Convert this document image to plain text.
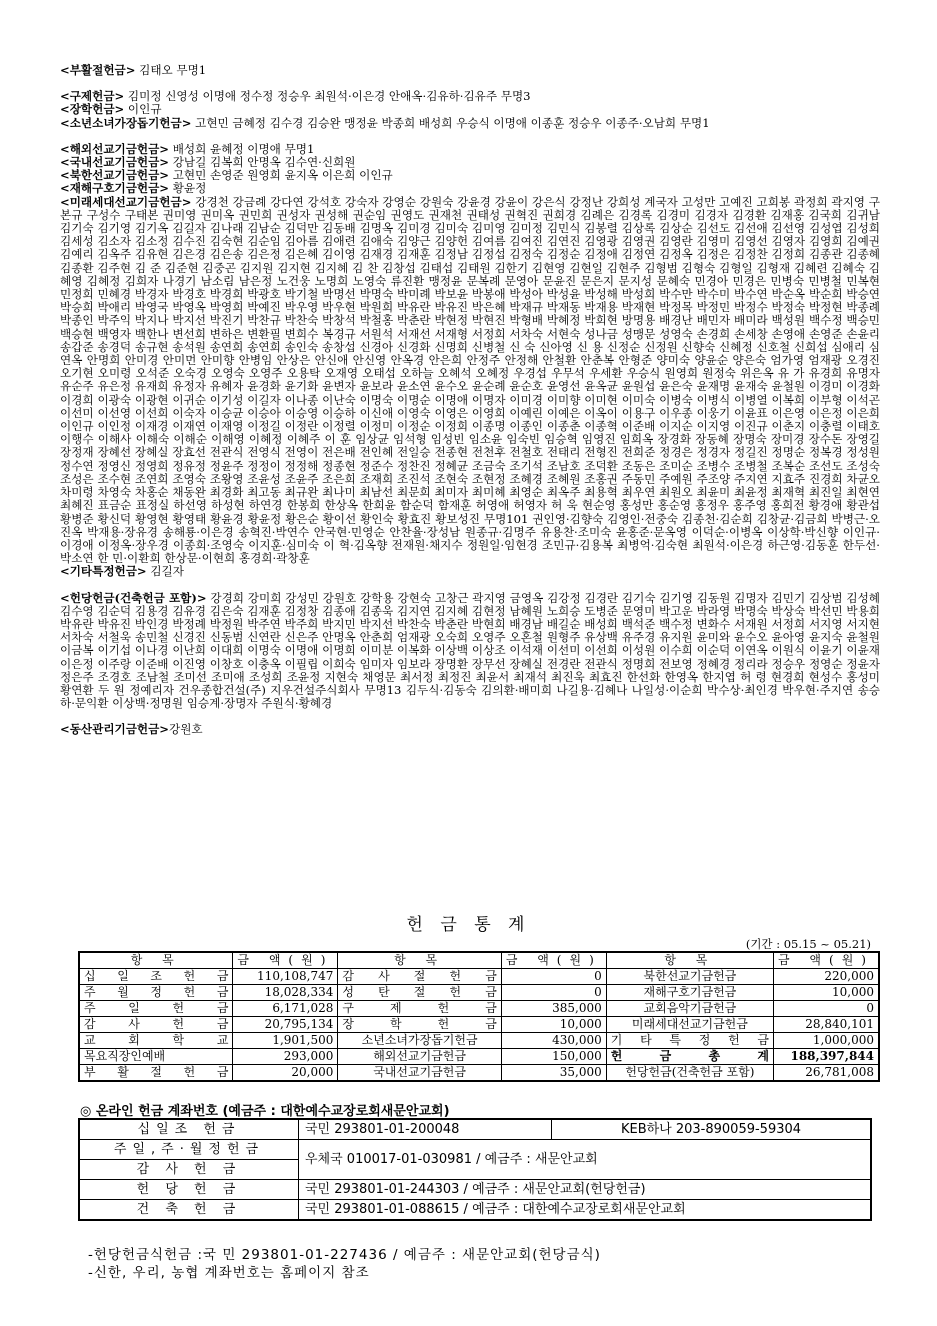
<부활절헌금> 김태오 무명1

<구제헌금> 김미정 신영성 이명애 정수정 정승우 최원석·이은경 안애옥·김유하·김유주 무명3

<장학헌금> 이인규

<소년소녀가장돕기헌금> 고현민 금혜정 김수경 김승완 맹정윤 박종희 배성희 우승식 이명애 이종훈 정승우 이종주·오남희 무명1

<해외선교기금헌금> 배성희 윤혜정 이명애 무명1

<국내선교기금헌금> 강남길 김복희 안명옥 김수연·신희원

<북한선교기금헌금> 고현민 손영준 원영희 윤지옥 이은희 이인규

<재해구호기금헌금> 황윤정

<미래세대선교기금헌금> 강경천 강금례 강다연 강석호 강숙자 강영순 강원숙 강윤경 강윤이 강은식 강정난 강희성 계국자 고성만 고예진 고희봉 곽정희 곽지영 구본규 구성수 구태본 권미영 권미옥 권민희 권성자 권성해 권순임 권영도 권재천 권태성 권혁진 권희경 김례은 김경록 김경미 김경자 김경환 김재홍 김국희 김귀남 김기숙 김기영 김기옥 김길자 김나래 김남순 김덕만 김동배 김명옥 김미경 김미숙 김미영 김미정 김민식 김봉렬 김상록 김상순 김선도 김선애 김선영 김성엽 김성희 김세성 김소자 김소정 김수진 김숙현 김순임 김아름 김애련 김애숙 김양근 김양헌 김여름 김여진 김연진 김영광 김영권 김영란 김영미 김영선 김영자 김영희 김예권 김예리 김옥주 김유현 김은경 김은송 김은정 김은혜 김이영 김재경 김재훈 김정남 김정섭 김정숙 김정순 김정애 김정연 김정옥 김정은 김정찬 김정희 김종관 김종혜 김종환 김주현 김 준 김준현 김중곤 김지원 김지현 김지혜 김 찬 김창섭 김태섭 김태원 김한기 김현영 김현일 김현주 김형범 김형숙 김형일 김형재 김혜련 김혜숙 김혜영 김혜정 김희자 나경기 남소림 남은정 노건웅 노명희 노영숙 류진환 맹정윤 문복례 문영아 문윤진 문은지 문지성 문혜숙 민경아 민경은 민병숙 민병철 민복현 민정희 민혜경 박경자 박경호 박경희 박광호 박기철 박명선 박명숙 박미례 박보윤 박봉애 박성아 박성윤 박성해 박성희 박수만 박수미 박수연 박순옥 박순희 박승연 박승희 박애리 박영국 박영옥 박영희 박예진 박우영 박우현 박원희 박유란 박유진 박은혜 박재규 박재동 박재용 박재현 박정목 박정민 박정수 박정숙 박정현 박종례 박종인 박주익 박지나 박지선 박진기 박찬규 박찬숙 박창석 박철홍 박춘란 박현정 박현진 박형배 박혜정 박희현 방명용 배경난 배민자 배미라 백성원 백수정 백승민 백승현 백영자 백한나 변선희 변하은 변환필 변희수 복경규 서원석 서재선 서재형 서정희 서차숙 서현숙 성나금 성맹문 성영숙 손경희 손세창 손영애 손영준 손윤리 송갑준 송경덕 송규현 송석원 송연희 송연희 송인숙 송창섭 신경아 신경화 신명희 신병철 신 숙 신아영 신 용 신정순 신정원 신향숙 신혜정 신호철 신희섭 심애리 심연옥 안명희 안미경 안미먼 안미향 안병임 안상은 안신애 안신영 안옥경 안은희 안정주 안정해 안철환 안춘복 안형준 양미숙 양윤순 양은숙 엄가영 엄재광 오경진 오기현 오미령 오석준 오숙경 오영숙 오영주 오용탁 오재영 오태섭 오하늘 오혜석 오혜정 우경섭 우무석 우세환 우승식 원영희 원정숙 위은옥 유 가 유경희 유명자 유순주 유은정 유재희 유정자 유혜자 윤경화 윤기화 윤변자 윤보라 윤소연 윤수오 윤순례 윤순호 윤영선 윤옥균 윤원섭 윤은숙 윤재명 윤재숙 윤철원 이경미 이경화 이경희 이광숙 이광현 이귀순 이기성 이길자 이나종 이난숙 이명숙 이명순 이명애 이명자 이미경 이미향 이미현 이미숙 이병숙 이병식 이병열 이복희 이부형 이석곤 이선미 이선영 이선희 이숙자 이승균 이승아 이승영 이승하 이신애 이영숙 이영은 이영희 이예린 이예은 이옥이 이용구 이우종 이웅기 이윤표 이은영 이은정 이은희 이인규 이인정 이재경 이재연 이재영 이정길 이정란 이정렬 이정미 이정순 이정희 이종명 이종인 이종춘 이종혁 이준배 이지순 이지영 이진규 이춘지 이충렬 이태호 이행수 이해사 이해숙 이해순 이해영 이혜정 이혜주 이 훈 임상균 임석형 임성빈 임소윤 임숙빈 임승혁 임영진 임희옥 장경화 장동혜 장명숙 장미경 장수돈 장영길 장정재 장혜선 장혜실 장효선 전관식 전영식 전영이 전은배 전인혜 전일승 전종현 전천후 전철호 전태리 전형진 전희준 정경은 정경자 정길진 정명순 정복경 정성원 정수연 정영신 정영희 정유정 정윤주 정정이 정정해 정종현 정준수 정찬진 정혜균 조금숙 조기석 조남호 조덕환 조동은 조미순 조병수 조병철 조복순 조선도 조성숙 조성은 조수현 조연희 조영숙 조왕영 조윤성 조윤주 조은희 조재희 조진석 조현숙 조현정 조혜경 조혜원 조홍권 주동민 주예원 주조양 주지연 지효주 진경희 차균오 차미령 차영숙 차홍순 채동완 최경화 최고동 최규완 최나미 최남선 최문희 최미자 최미혜 최영순 최옥주 최용혁 최우연 최원오 최윤미 최윤정 최재혁 최진일 최현연 최혜진 표금순 표정실 하선영 하성현 하연경 한봉희 한상옥 한희윤 함순덕 함재훈 허영애 허영자 허 욱 현순영 홍성만 홍순영 홍정우 홍주영 홍희전 황경애 황관섭 황병준 황신덕 황영현 황영태 황윤경 황윤정 황은순 황이선 황인숙 황효진 황보성진 무명101 권인영·김향숙 김영인·전중숙 김종천·김순희 김창균·김금희 박병근·오진옥 박재용·장유경 송해룡·이은경 송혁진·박연수 안국현·민영순 안찬율·장성남 원종규·김명주 유용찬·조미숙 윤홍준·문옥영 이덕순·이병옥 이상학·박신향 이인규·이경애 이정옥·장우경 이종희·조영숙 이지훈·심미숙 이 혁·김옥향 전재원·채지수 정원일·임현경 조민규·김용복 최병억·김숙현 최원석·이은경 하근영·김동훈 한두선·박소연 한 민·이환희 한상문·이현희 홍경희·곽창훈

<기타특정헌금> 김길자

<헌당헌금(건축헌금 포함)> 강경희 강미희 강성민 강원호 강학용 강현숙 고창근 곽지영 금영옥 김강정 김경란 김기숙 김기영 김동원 김명자 김민기 김상범 김성혜 김수영 김순덕 김용경 김유경 김은숙 김재훈 김정창 김종애 김종욱 김지연 김지혜 김현정 남혜원 노희승 도병준 문영미 박고운 박라영 박명숙 박상숙 박선민 박용희 박유란 박유진 박인경 박정례 박정원 박주연 박주희 박지민 박지선 박찬숙 박춘란 박현희 배경남 배길순 배성희 백석준 백수정 변화수 서재원 서정희 서지영 서지현 서차숙 서철욱 송민철 신경진 신동범 신연란 신은주 안명옥 안춘희 엄재광 오숙희 오영주 오혼철 원형주 유상백 유주경 유지원 윤미와 윤수오 윤아영 윤지숙 윤철원 이금복 이기섭 이나경 이난희 이대희 이명숙 이명애 이명희 이미분 이복화 이상백 이상조 이석재 이선미 이선희 이성원 이수희 이순덕 이연옥 이원식 이윤기 이윤재 이은정 이주랑 이준배 이진영 이창호 이충옥 이필립 이희숙 임미자 임보라 장명환 장무선 장혜실 전경란 전관식 정명희 전보영 정혜경 정리라 정승우 정영순 정윤자 정은주 조경호 조남철 조미선 조미애 조성희 조윤정 지현숙 채영문 최서정 최정진 최윤서 최재석 최진욱 최효진 한선화 한영옥 한지엽 허 령 현경희 현성수 홍성미 황연환 두 원 정예리자 건우종합건설(주) 지우건설주식회사 무명13 김두식·김동숙 김의환·배미희 나길용·김혜나 나일성·이순희 박수상·최인경 박우현·주지연 송승하·문익환 이상백·정명원 임승계·장명자 주원식·황혜경

<동산관리기금헌금>강원호

헌 금 통 계
(기간 : 05.15 ~ 05.21)
항 목	금 액(원)	항 목	금 액(원)	항 목	금 액(원)
십 일 조 헌 금	110,108,747	감 사 절 헌 금	0	북한선교기금헌금	220,000
주 월 정 헌 금	18,028,334	성 탄 절 헌 금	0	재해구호기금헌금	10,000
주 일 헌 금	6,171,028	구 제 헌 금	385,000	교회음악기금헌금	0
감 사 헌 금	20,795,134	장 학 헌 금	10,000	미래세대선교기금헌금	28,840,101
교 회 학 교	1,901,500	소년소녀가장돕기헌금	430,000	기 타 특 정 헌 금	1,000,000
목요직장인예배	293,000	해외선교기금헌금	150,000	헌 금 총 계	188,397,844
부 활 절 헌 금	20,000	국내선교기금헌금	35,000	헌당헌금(건축헌금 포함)	26,781,008
◎ 온라인 헌금 계좌번호 (예금주 : 대한예수교장로회새문안교회)
십일조 헌금	국민 293801-01-200048	KEB하나 203-890059-59304
주일,주·월정헌금	우체국 010017-01-030981 / 예금주 : 새문안교회	
감 사 헌 금		
헌 당 헌 금	국민 293801-01-244303 / 예금주 : 새문안교회(헌당헌금)	
건 축 헌 금	국민 293801-01-088615 / 예금주 : 대한예수교장로회새문안교회	
-헌당헌금식헌금 :국 민 293801-01-227436 / 예금주 : 새문안교회(헌당금식)
-신한, 우리, 농협 계좌번호는 홈페이지 참조
